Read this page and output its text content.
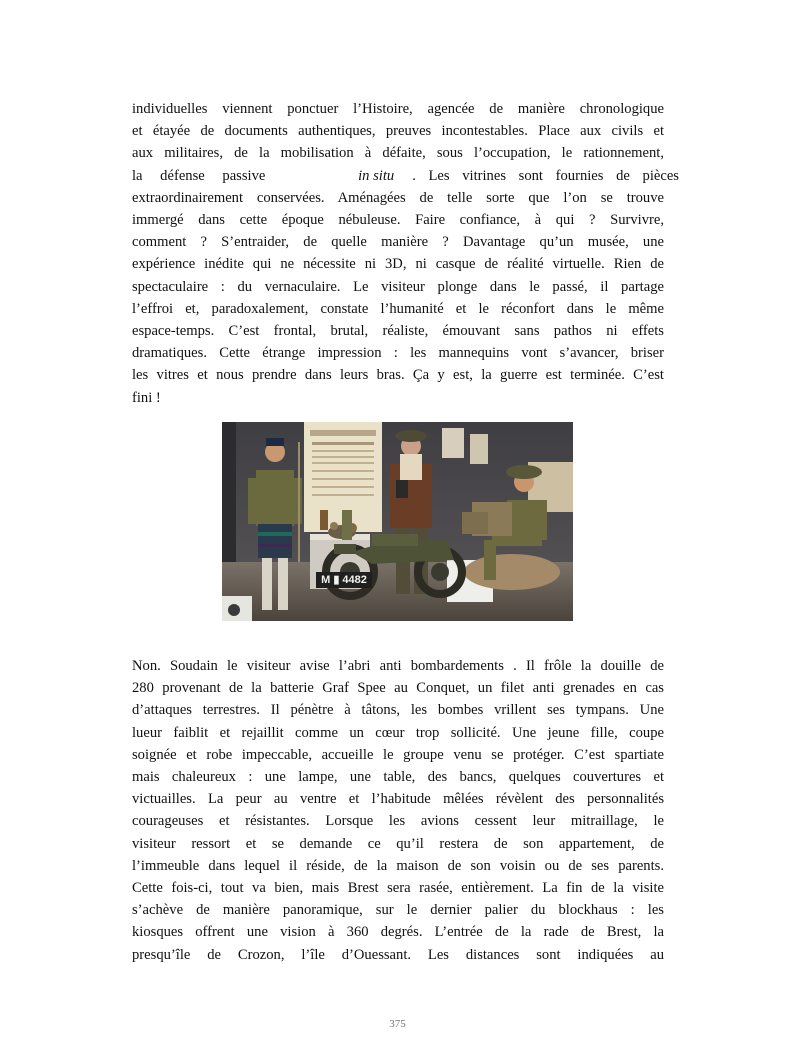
individuelles viennent ponctuer l’Histoire, agencée de manière chronologique
et étayée de documents authentiques, preuves incontestables. Place aux civils et
aux militaires, de la mobilisation à défaite, sous l’occupation, le rationnement,
la défense passive	in situ . Les vitrines sont fournies de pièces
extraordinairement conservées. Aménagées de telle sorte que l’on se trouve
immergé dans cette époque nébuleuse. Faire confiance, à qui ? Survivre,
comment ? S’entraider, de quelle manière ? Davantage qu’un musée, une
expérience inédite qui ne nécessite ni 3D, ni casque de réalité virtuelle. Rien de
spectaculaire : du vernaculaire. Le visiteur plonge dans le passé, il partage
l’effroi et, paradoxalement, constate l’humanité et le réconfort dans le même
espace-temps. C’est frontal, brutal, réaliste, émouvant sans pathos ni effets
dramatiques. Cette étrange impression : les mannequins vont s’avancer, briser
les vitres et nous prendre dans leurs bras. Ça y est, la guerre est terminée. C’est
fini !
M ▮ 4482
Non. Soudain le visiteur avise l’abri anti bombardements . Il frôle la douille de
280 provenant de la batterie Graf Spee au Conquet, un filet anti grenades en cas
d’attaques terrestres. Il pénètre à tâtons, les bombes vrillent ses tympans. Une
lueur faiblit et rejaillit comme un cœur trop sollicité. Une jeune fille, coupe
soignée et robe impeccable, accueille le groupe venu se protéger. C’est spartiate
mais chaleureux : une lampe, une table, des bancs, quelques couvertures et
victuailles. La peur au ventre et l’habitude mêlées révèlent des personnalités
courageuses et résistantes. Lorsque les avions cessent leur mitraillage, le
visiteur ressort et se demande ce qu’il restera de son appartement, de
l’immeuble dans lequel il réside, de la maison de son voisin ou de ses parents.
Cette fois-ci, tout va bien, mais Brest sera rasée, entièrement. La fin de la visite
s’achève de manière panoramique, sur le dernier palier du blockhaus : les
kiosques offrent une vision à 360 degrés. L’entrée de la rade de Brest, la
presqu’île de Crozon, l’île d’Ouessant. Les distances sont indiquées au
375
